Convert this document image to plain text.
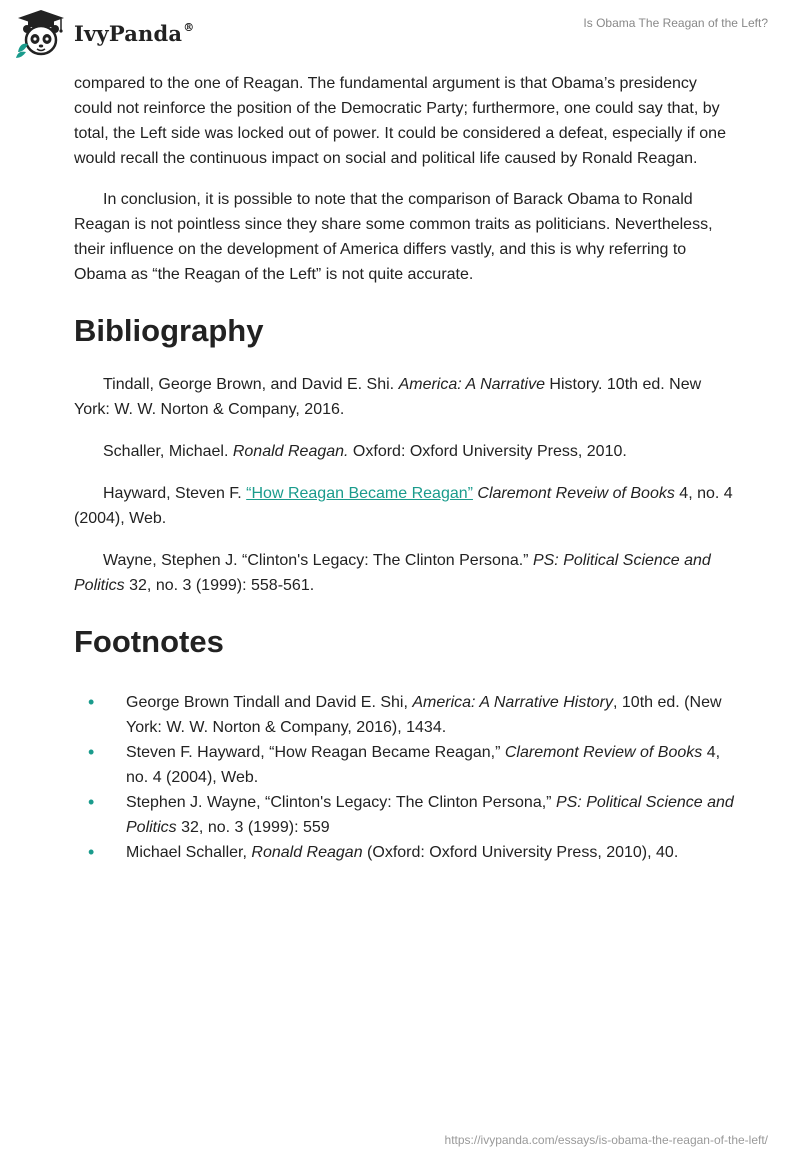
IvyPanda®	Is Obama The Reagan of the Left?

compared to the one of Reagan. The fundamental argument is that Obama’s presidency could not reinforce the position of the Democratic Party; furthermore, one could say that, by total, the Left side was locked out of power. It could be considered a defeat, especially if one would recall the continuous impact on social and political life caused by Ronald Reagan.

In conclusion, it is possible to note that the comparison of Barack Obama to Ronald Reagan is not pointless since they share some common traits as politicians. Nevertheless, their influence on the development of America differs vastly, and this is why referring to Obama as “the Reagan of the Left” is not quite accurate.

Bibliography

Tindall, George Brown, and David E. Shi. America: A Narrative History. 10th ed. New York: W. W. Norton & Company, 2016.

Schaller, Michael. Ronald Reagan. Oxford: Oxford University Press, 2010.

Hayward, Steven F. “How Reagan Became Reagan” Claremont Reveiw of Books 4, no. 4 (2004), Web.

Wayne, Stephen J. “Clinton's Legacy: The Clinton Persona.” PS: Political Science and Politics 32, no. 3 (1999): 558-561.

Footnotes
• George Brown Tindall and David E. Shi, America: A Narrative History, 10th ed. (New York: W. W. Norton & Company, 2016), 1434.
• Steven F. Hayward, “How Reagan Became Reagan,” Claremont Review of Books 4, no. 4 (2004), Web.
• Stephen J. Wayne, “Clinton's Legacy: The Clinton Persona,” PS: Political Science and Politics 32, no. 3 (1999): 559
• Michael Schaller, Ronald Reagan (Oxford: Oxford University Press, 2010), 40.
https://ivypanda.com/essays/is-obama-the-reagan-of-the-left/
